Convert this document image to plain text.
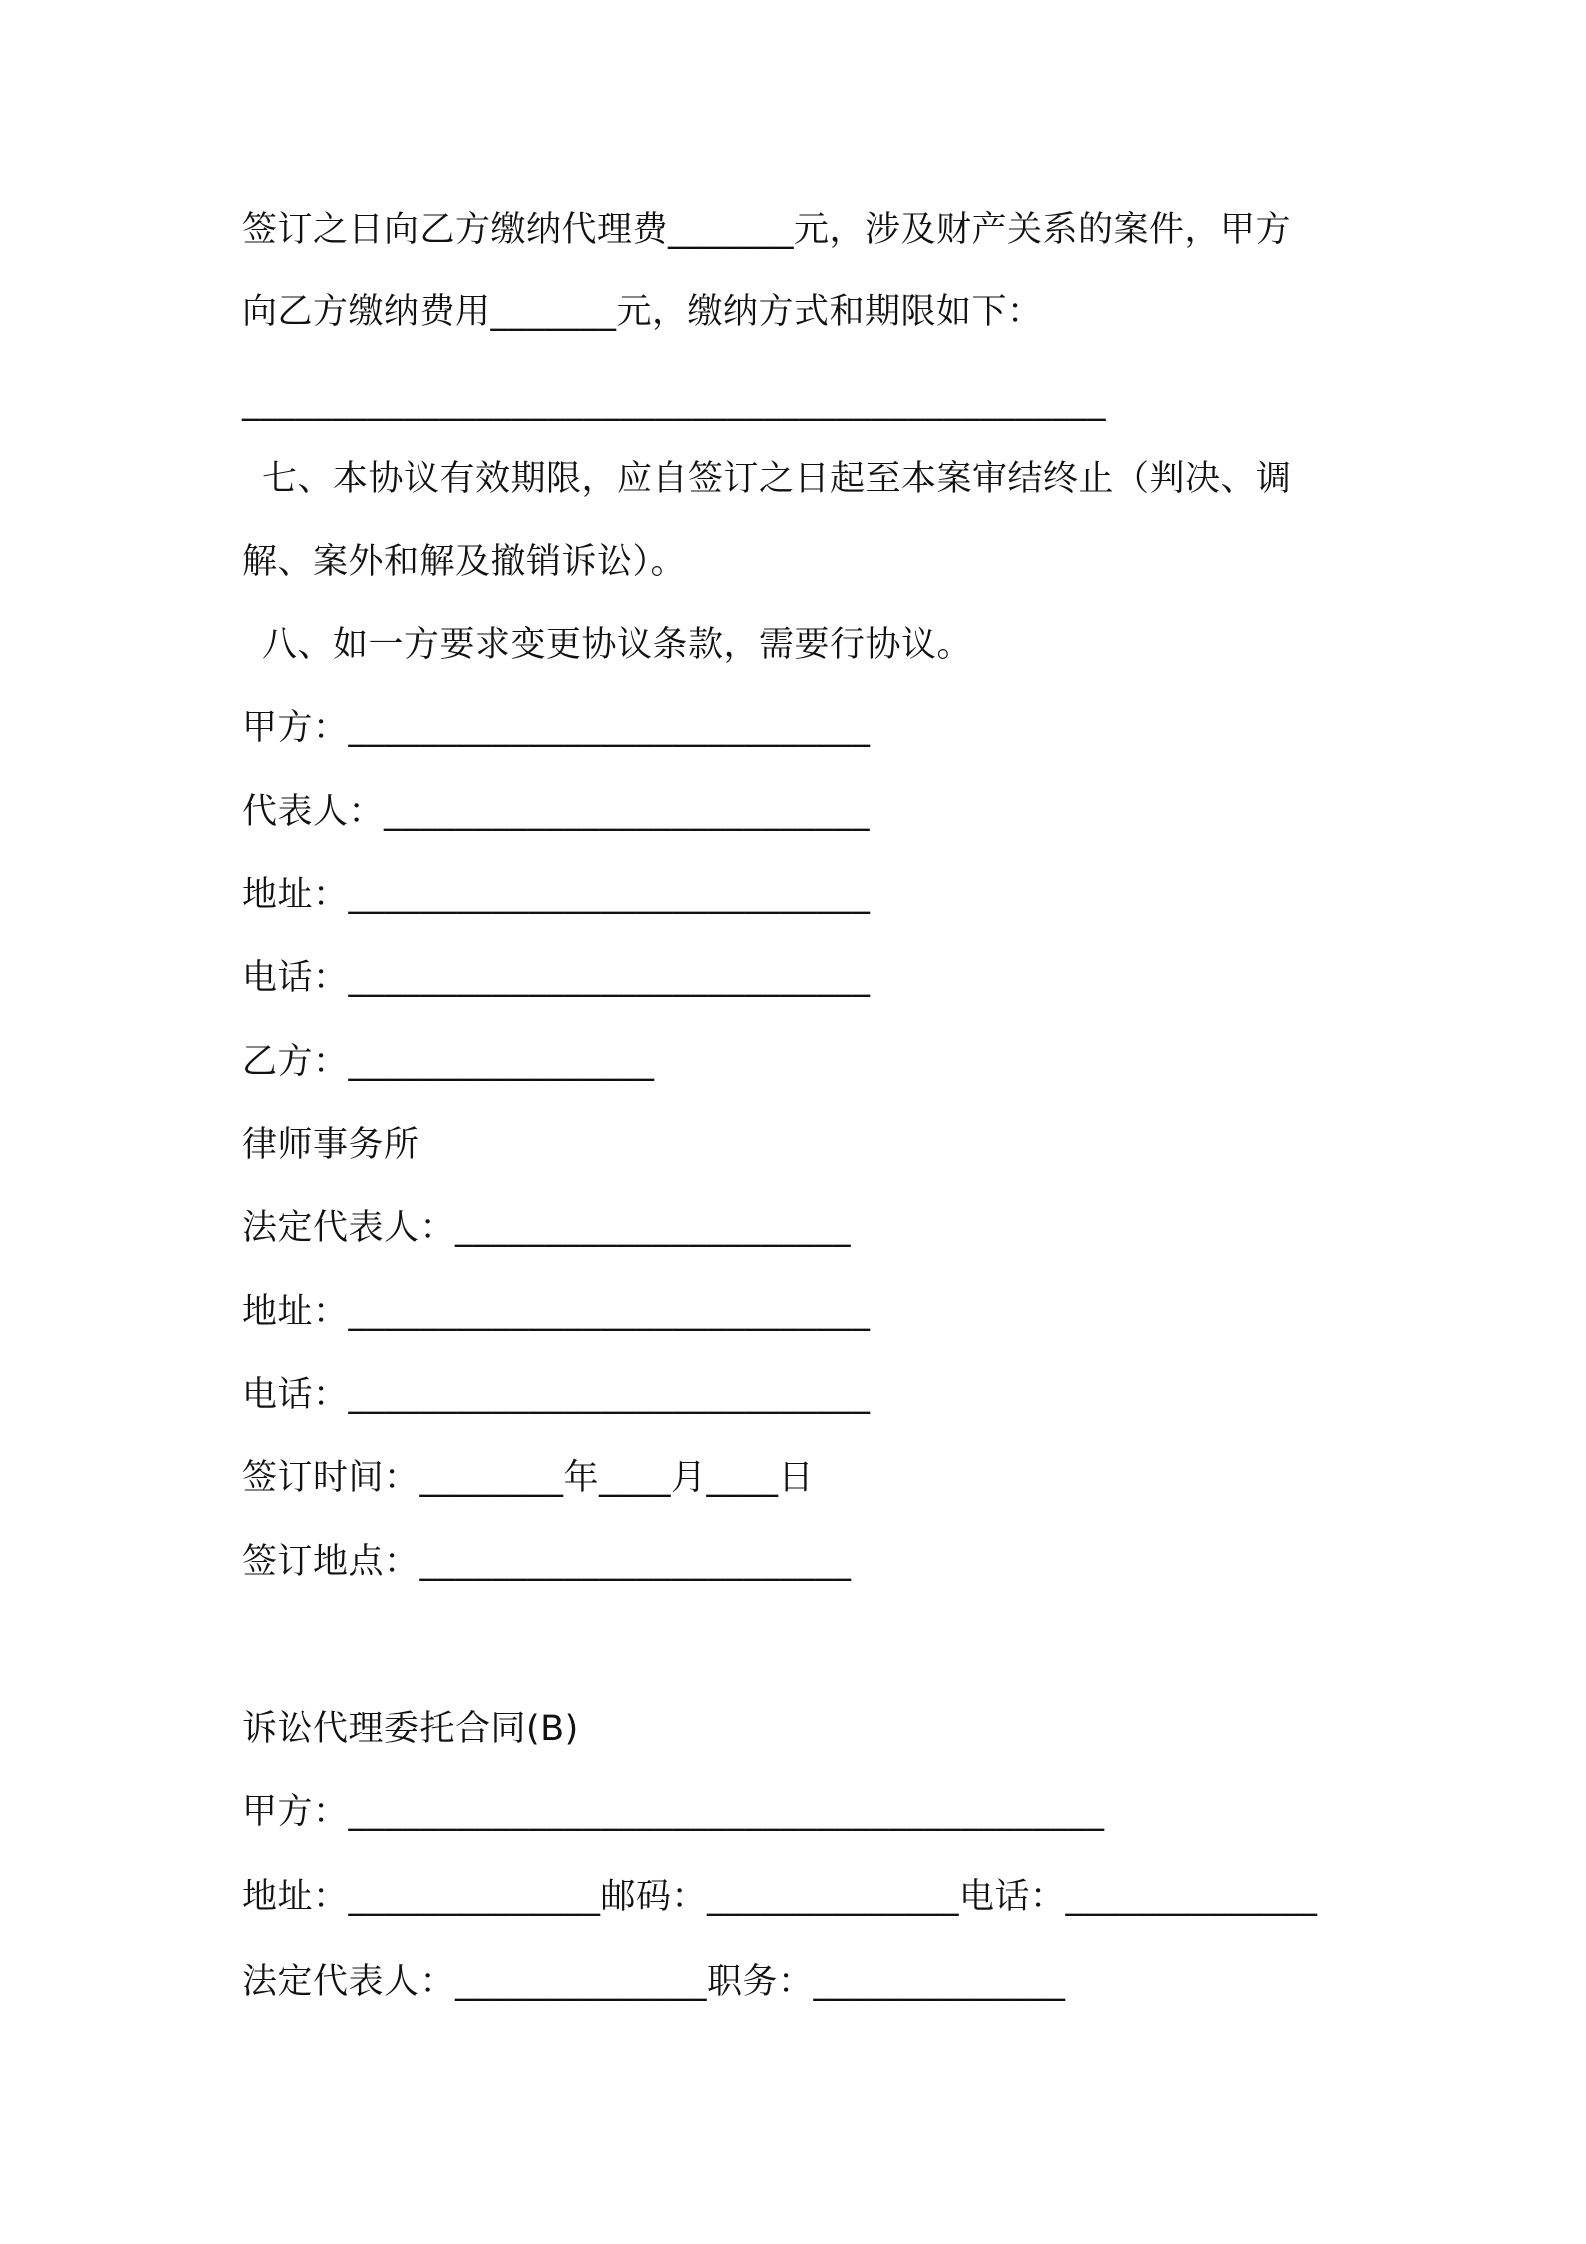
签订之日向乙方缴纳代理费_______元，涉及财产关系的案件，甲方
向乙方缴纳费用_______元，缴纳方式和期限如下：
________________________________________________
七、本协议有效期限，应自签订之日起至本案审结终止（判决、调
解、案外和解及撤销诉讼）。
八、如一方要求变更协议条款，需要行协议。
甲方：_____________________________
代表人：___________________________
地址：_____________________________
电话：_____________________________
乙方：_________________
律师事务所
法定代表人：______________________
地址：_____________________________
电话：_____________________________
签订时间：________年____月____日
签订地点：________________________
诉讼代理委托合同(B)
甲方：__________________________________________
地址：______________邮码：______________电话：______________
法定代表人：______________职务：______________
